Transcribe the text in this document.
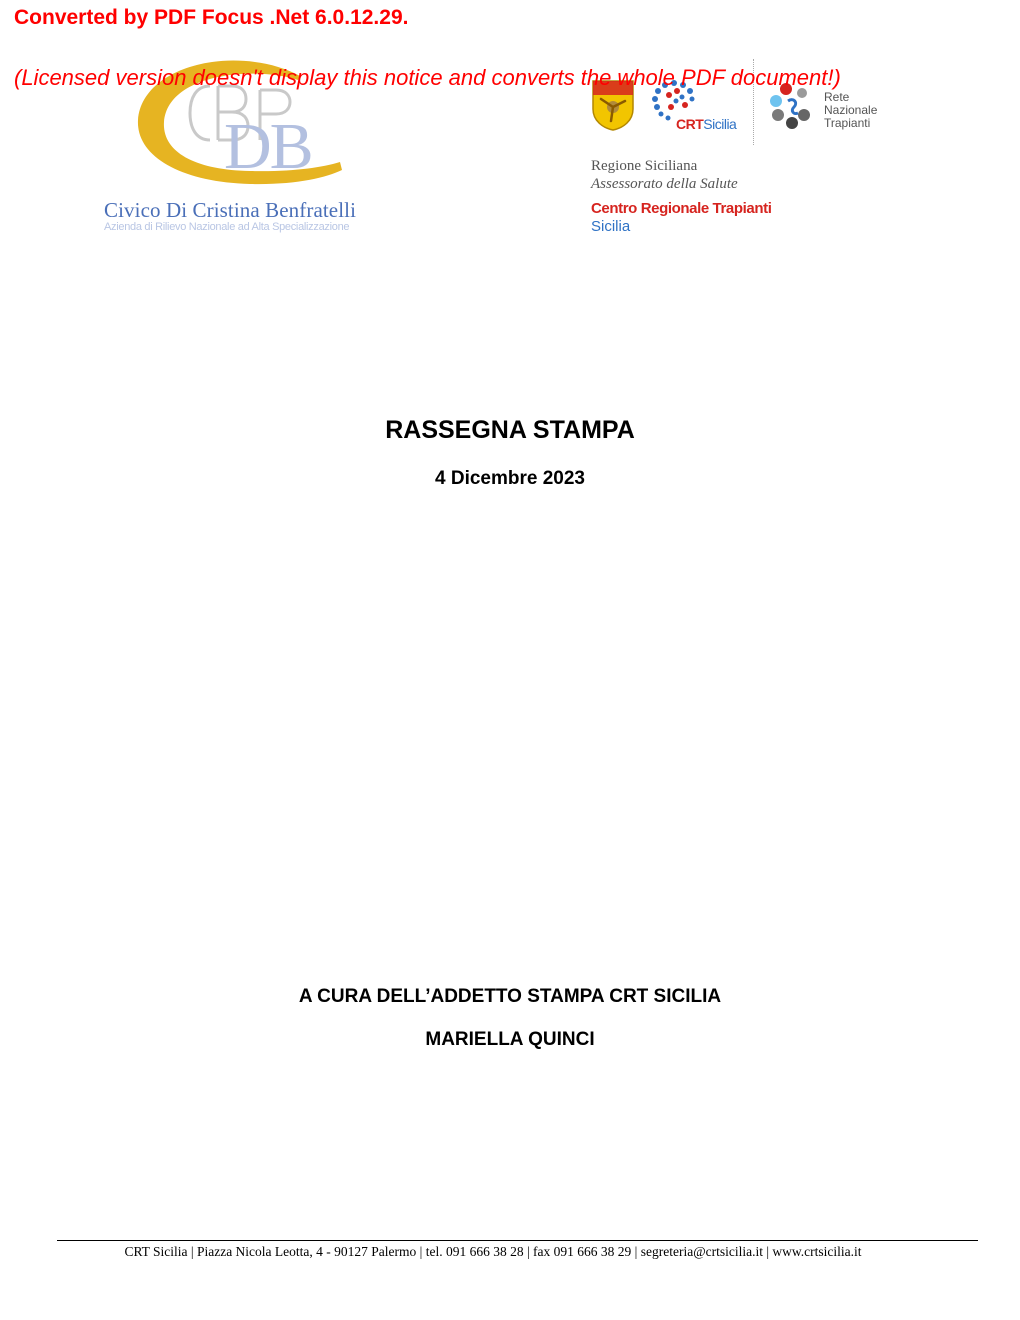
Converted by PDF Focus .Net 6.0.12.29.
(Licensed version doesn't display this notice and converts the whole PDF document!)
DB
Civico Di Cristina Benfratelli
Azienda di Rilievo Nazionale ad Alta Specializzazione
CRTSicilia
Rete
Nazionale
Trapianti
Regione Siciliana
Assessorato della Salute
Centro Regionale Trapianti
Sicilia
RASSEGNA STAMPA
4 Dicembre 2023
A CURA DELL’ADDETTO STAMPA CRT SICILIA
MARIELLA QUINCI
CRT Sicilia | Piazza Nicola Leotta, 4 - 90127 Palermo | tel. 091 666 38 28 | fax 091 666 38 29 | segreteria@crtsicilia.it | www.crtsicilia.it
